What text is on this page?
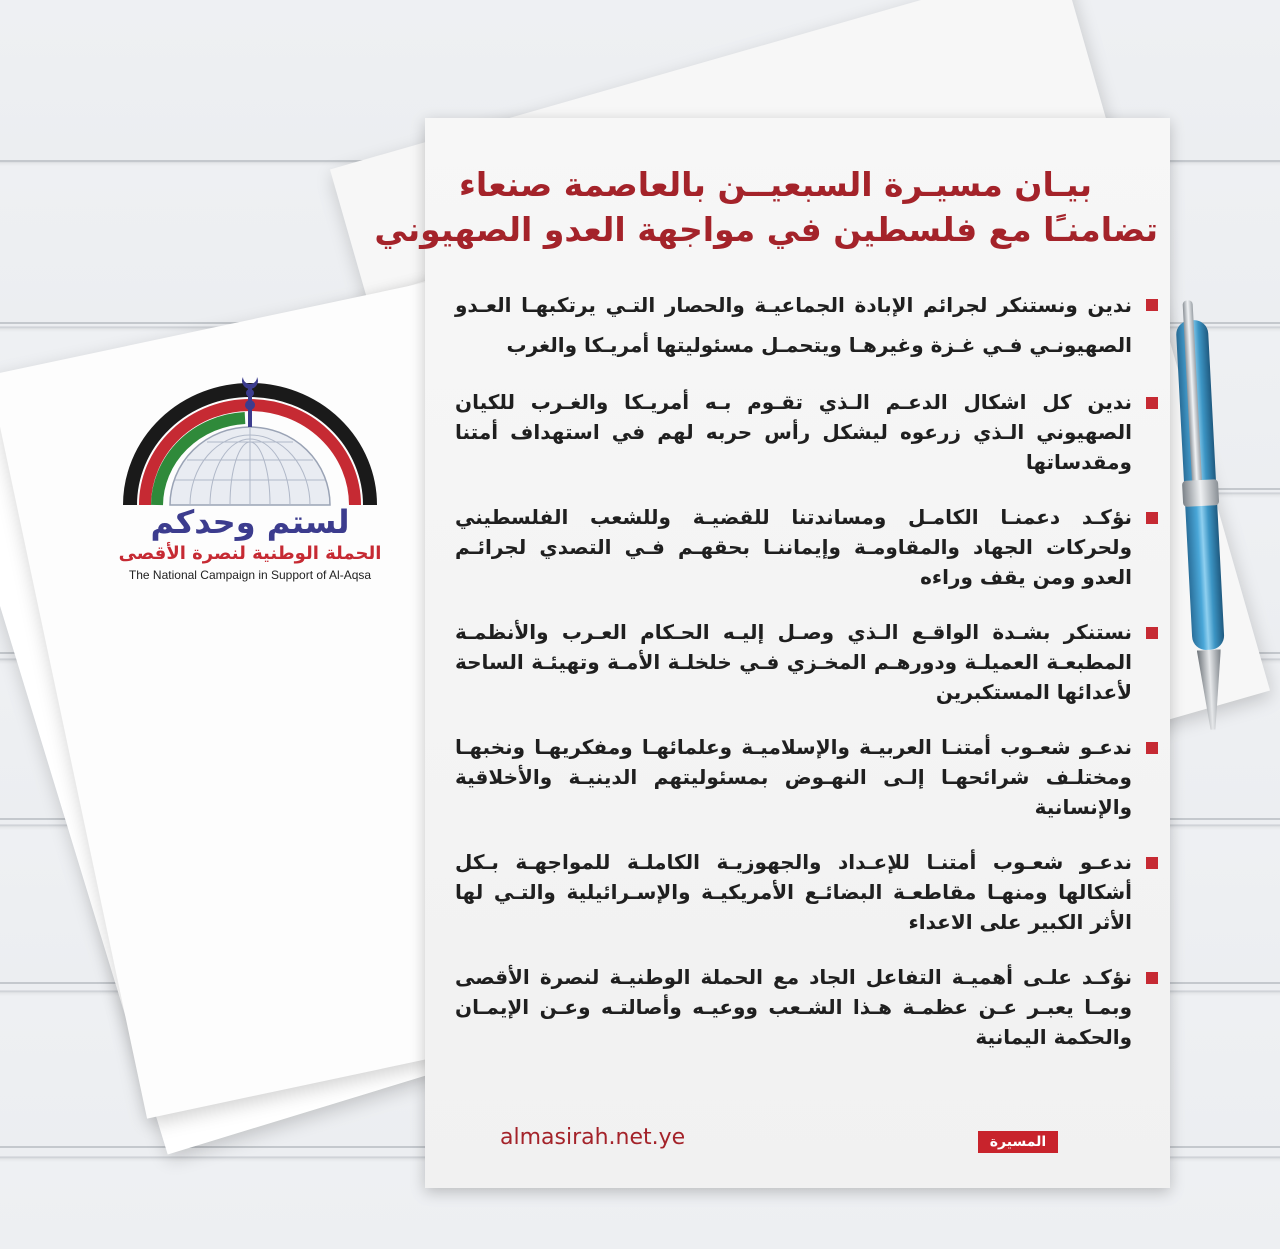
لستم وحدكم
الحملة الوطنية لنصرة الأقصى
The National Campaign in Support of Al-Aqsa
بيـان مسيـرة السبعيــن بالعاصمة صنعاء
تضامنـًا مع فلسطين في مواجهة العدو الصهيوني
ندين ونستنكر لجرائم الإبادة الجماعيـة والحصار التـي يرتكبهـا العـدو الصهيونـي فـي غـزة وغيرهـا ويتحمـل مسئوليتها أمريـكا والغرب
ندين كل اشكال الدعـم الـذي تقـوم بـه أمريـكا والغـرب للكيان الصهيوني الـذي زرعوه ليشكل رأس حربه لهم في استهداف أمتنا ومقدساتها
نؤكـد دعمنـا الكامـل ومساندتنا للقضيـة وللشعب الفلسطيني ولحركات الجهاد والمقاومـة وإيماننـا بحقهـم فـي التصدي لجرائـم العدو ومن يقف وراءه
نستنكر بشـدة الواقـع الـذي وصـل إليـه الحـكام العـرب والأنظمـة المطبعـة العميلـة ودورهـم المخـزي فـي خلخلـة الأمـة وتهيئـة الساحة لأعدائها المستكبرين
ندعـو شعـوب أمتنـا العربيـة والإسلاميـة وعلمائهـا ومفكريهـا ونخبهـا ومختلـف شرائحهـا إلـى النهـوض بمسئوليتهم الدينيـة والأخلاقية والإنسانية
ندعـو شعـوب أمتنـا للإعـداد والجهوزيـة الكاملـة للمواجهـة بـكل أشكالها ومنهـا مقاطعـة البضائـع الأمريكيـة والإسـرائيلية والتـي لها الأثر الكبير على الاعداء
نؤكـد علـى أهميـة التفاعل الجاد مع الحملة الوطنيـة لنصرة الأقصى وبمـا يعبـر عـن عظمـة هـذا الشـعب ووعيـه وأصالتـه وعـن الإيمـان والحكمة اليمانية
almasirah.net.ye	المسيرة
